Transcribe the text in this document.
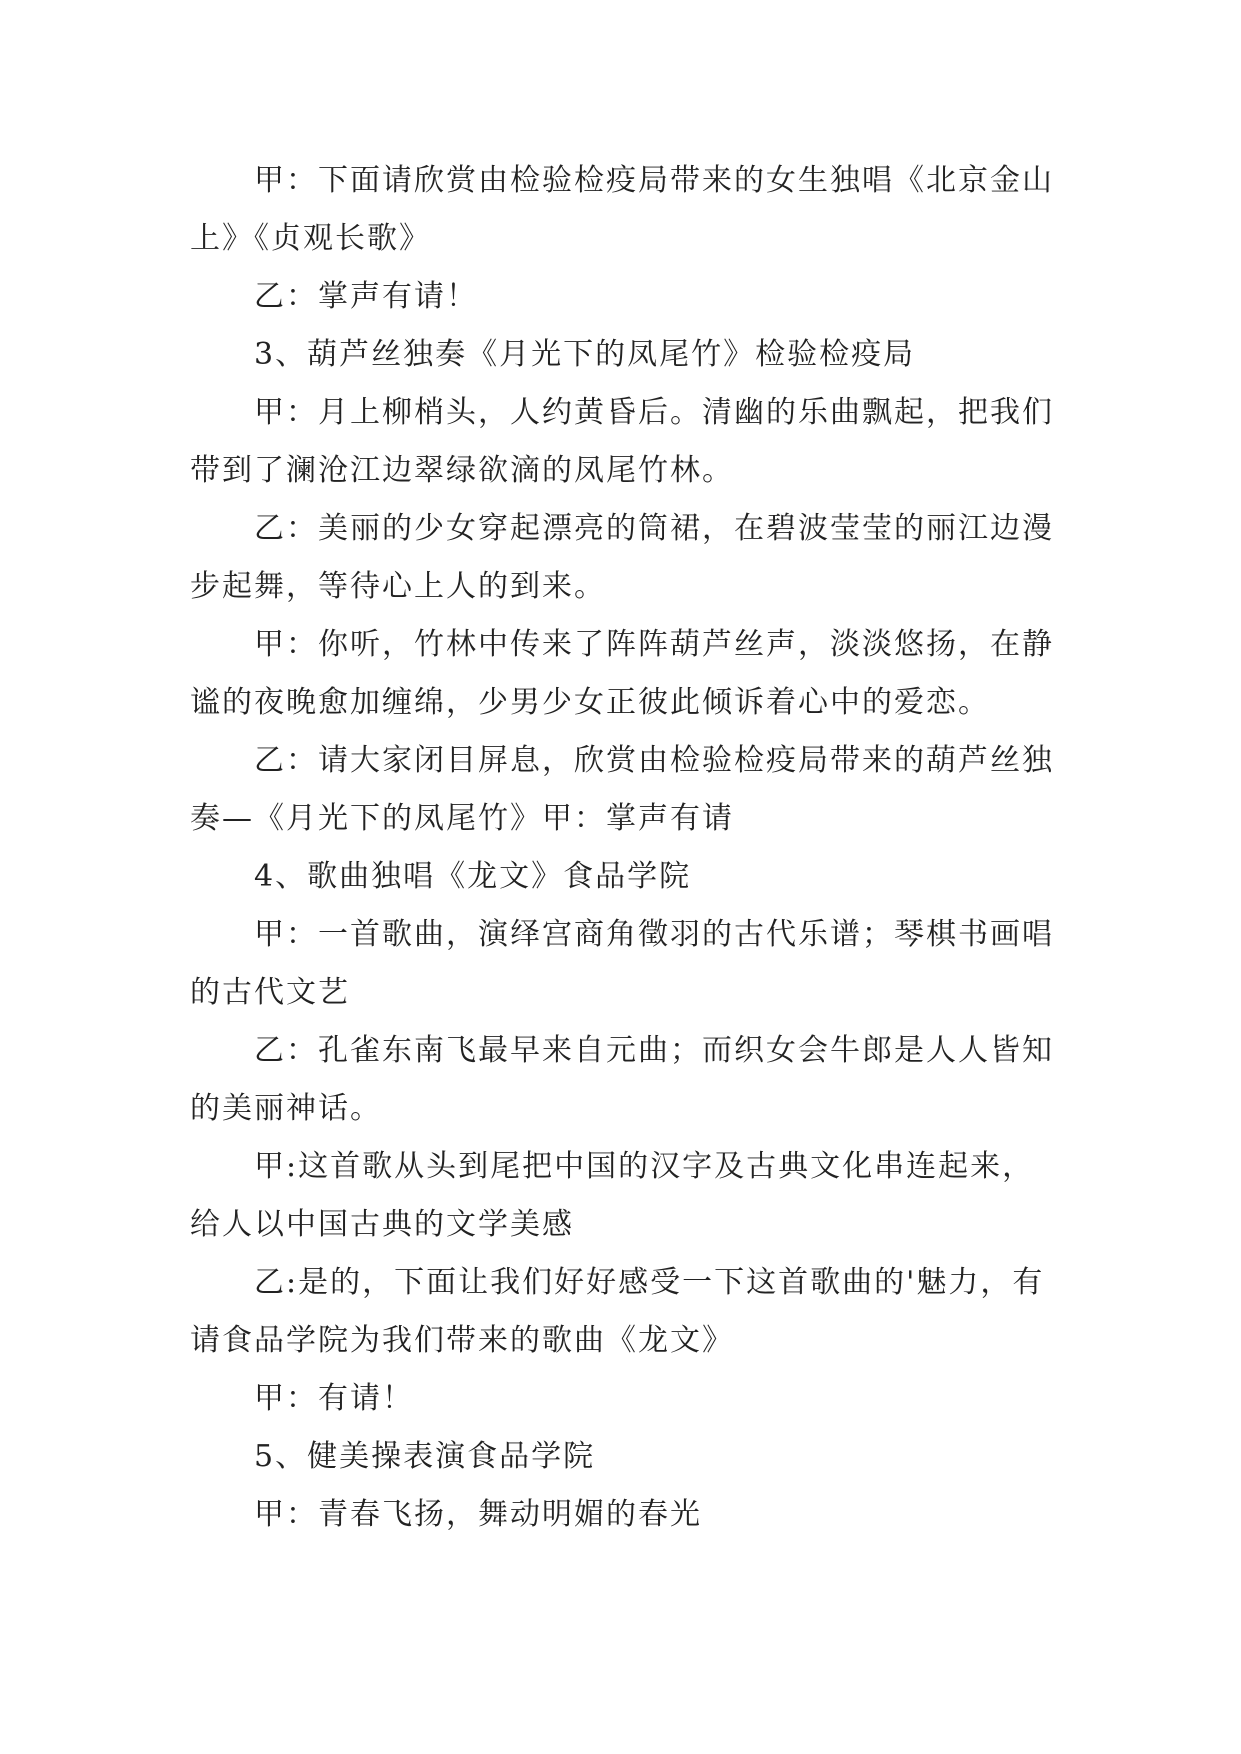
甲：下面请欣赏由检验检疫局带来的女生独唱《北京金山上》《贞观长歌》

乙：掌声有请！

3、葫芦丝独奏《月光下的凤尾竹》检验检疫局

甲：月上柳梢头，人约黄昏后。清幽的乐曲飘起，把我们带到了澜沧江边翠绿欲滴的凤尾竹林。

乙：美丽的少女穿起漂亮的筒裙，在碧波莹莹的丽江边漫步起舞，等待心上人的到来。

甲：你听，竹林中传来了阵阵葫芦丝声，淡淡悠扬，在静谧的夜晚愈加缠绵，少男少女正彼此倾诉着心中的爱恋。

乙：请大家闭目屏息，欣赏由检验检疫局带来的葫芦丝独奏—《月光下的凤尾竹》甲：掌声有请

4、歌曲独唱《龙文》食品学院

甲：一首歌曲，演绎宫商角徵羽的古代乐谱；琴棋书画唱的古代文艺

乙：孔雀东南飞最早来自元曲；而织女会牛郎是人人皆知的美丽神话。

甲:这首歌从头到尾把中国的汉字及古典文化串连起来，给人以中国古典的文学美感

乙:是的，下面让我们好好感受一下这首歌曲的'魅力，有请食品学院为我们带来的歌曲《龙文》

甲：有请！

5、健美操表演食品学院

甲：青春飞扬，舞动明媚的春光
